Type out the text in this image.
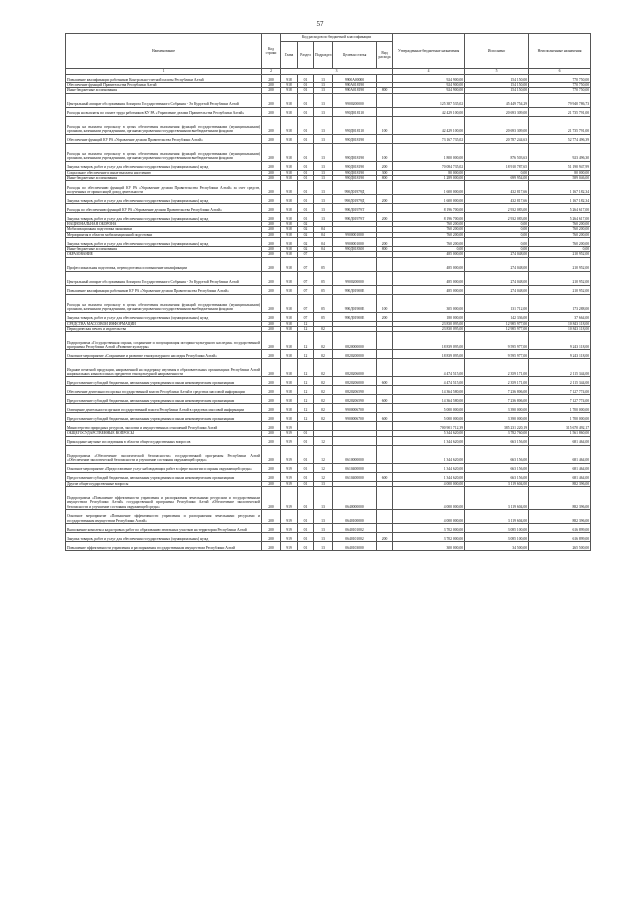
57
Наименование	Код строки	Код расходов по бюджетной классификации					Утвержденные бюджетные назначения	Исполнено	Неисполненные назначения
		Глава	Раздел	Подраздел	Целевая статья	Вид расхода			
1	2	3					4	5	6
Повышение квалификации работников Контрольно-счетной палаты Республики Алтай	200	918	01	13	9900A00000		924 900,00	154 150,00	770 750,00
Обеспечение функций Правительства Республики Алтай	200	918	01	13	990A018190		924 900,00	154 150,00	770 750,00
Иные бюджетные ассигнования	200	918	01	13	990A018190	800	924 900,00	154 150,00	770 750,00
Центральный аппарат обслуживания Аппарата Государственного Собрания - Эл Курултай Республики Алтай	200	918	01	13	9900200000		125 387 535,02	45 449 754,29	79 940 786,73
Расходы на выплаты по оплате труда работников КУ РА «Управление делами Правительства Республики Алтай»	200	918	01	13	990Д018110		42 429 100,00	20 693 309,00	21 735 791,00
Расходы на выплаты персоналу в целях обеспечения выполнения функций государственными (муниципальными) органами, казенными учреждениями, органами управления государственными внебюджетными фондами	200	918	01	13	990Д018110	100	42 429 100,00	20 693 309,00	21 735 791,00
Обеспечение функций КУ РА «Управление делами Правительства Республики Алтай»	200	918	01	13	990Д018190		73 167 735,02	20 787 244,63	52 774 496,39
Расходы на выплаты персоналу в целях обеспечения выполнения функций государственными (муниципальными) органами, казенными учреждениями, органами управления государственными внебюджетными фондами	200	918	01	13	990Д018190	100	1 800 000,00	876 503,63	923 496,30
Закупка товаров, работ и услуг для обеспечения государственных (муниципальных) нужд	200	918	01	13	990Д018190	200	70 084 735,02	18 910 787,65	51 190 947,99
Социальное обеспечение и иные выплаты населению	200	918	01	13	990Д018190	300	80 000,00	0,00	80 000,00
Иные бюджетные ассигнования	200	918	01	13	990Д018190	800	1 289 000,00	699 954,00	589 046,00
Расходы по обеспечению функций КУ РА «Управление делами Правительства Республики Алтай» за счет средств, полученных от приносящей доход деятельности	200	918	01	13	990Д01979Д		1 600 000,00	432 817,66	1 167 182,34
Закупка товаров, работ и услуг для обеспечения государственных (муниципальных) нужд	200	918	01	13	990Д01979Д	200	1 600 000,00	432 817,66	1 167 182,34
Расходы по обеспечению функций КУ РА «Управление делами Правительства Республики Алтай»	200	918	01	13	990Д01979Т		8 196 700,00	2 932 083,00	5 264 617,00
Закупка товаров, работ и услуг для обеспечения государственных (муниципальных) нужд	200	918	01	13	990Д01979Т	200	8 196 700,00	2 932 083,00	5 264 617,00
НАЦИОНАЛЬНАЯ ОБОРОНА	200	918	02				760 200,00	0,00	760 200,00
Мобилизационная подготовка экономики	200	918	02	04			760 200,00	0,00	760 200,00
Мероприятия в области мобилизационной подготовки	200	918	02	04	9900001000		760 200,00	0,00	760 200,00
Закупка товаров, работ и услуг для обеспечения государственных (муниципальных) нужд	200	918	02	04	9900001000	200	760 200,00	0,00	760 200,00
Иные бюджетные ассигнования	200	918	02	04	990Д018300	800	0,00	0,00	0,00
ОБРАЗОВАНИЕ	200	918	07				485 000,00	274 048,00	210 952,00
Профессиональная подготовка, переподготовка и повышение квалификации	200	918	07	05			485 000,00	274 048,00	210 952,00
Центральный аппарат обслуживания Аппарата Государственного Собрания - Эл Курултай Республики Алтай	200	918	07	05	9900200000		485 000,00	274 048,00	210 952,00
Повышение квалификации работников КУ РА «Управление делами Правительства Республики Алтай»	200	918	07	05	990Д01900Е		485 000,00	274 048,00	210 952,00
Расходы на выплаты персоналу в целях обеспечения выполнения функций государственными (муниципальными) органами, казенными учреждениями, органами управления государственными внебюджетными фондами	200	918	07	05	990Д01900Е	100	305 000,00	131 712,00	173 288,00
Закупка товаров, работ и услуг для обеспечения государственных (муниципальных) нужд	200	918	07	05	990Д01900Е	200	180 000,00	142 336,00	37 664,00
СРЕДСТВА МАССОВОЙ ИНФОРМАЦИИ	200	918	12				23 830 095,00	12 985 977,00	10 843 118,00
Периодическая печать и издательства	200	918	12	02			23 830 095,00	12 985 977,00	10 843 118,00
Подпрограмма «Государственная охрана, сохранение и популяризация историко-культурного наследия» государственной программы Республики Алтай «Развитие культуры»	200	918	12	02	0820000000		18 839 095,00	9 595 977,00	9 243 118,00
Основное мероприятие «Сохранение и развитие этнокультурного наследия Республики Алтай»	200	918	12	02	0820200000		18 839 095,00	9 595 977,00	9 243 118,00
Издание печатной продукции, направленной на поддержку изучения в образовательных организациях Республики Алтай национальных языков и иных предметов этнокультурной направленности	200	918	12	02	0820206000		4 474 515,00	2 359 171,00	2 115 344,00
Предоставление субсидий бюджетным, автономным учреждениям и иным некоммерческим организациям	200	918	12	02	0820206000	600	4 474 515,00	2 359 171,00	2 115 344,00
Обеспечение деятельности органа государственной власти Республики Алтай в средствах массовой информации	200	918	12	02	0820206590		14 364 580,00	7 236 806,00	7 127 774,00
Предоставление субсидий бюджетным, автономным учреждениям и иным некоммерческим организациям	200	918	12	02	0820206590	600	14 364 580,00	7 236 806,00	7 127 774,00
Освещение деятельности органов государственной власти Республики Алтай в средствах массовой информации	200	918	12	02	9900006700		5 000 000,00	3 390 000,00	1 700 000,00
Предоставление субсидий бюджетным, автономным учреждениям и иным некоммерческим организациям	200	918	12	02	9900006700	600	5 000 000,00	3 390 000,00	1 700 000,00
Министерство природных ресурсов, экологии и имущественных отношений Республики Алтай	200	919					700 901 712,39	385 231 220,19	315 670 492,17
ОБЩЕГОСУДАРСТВЕННЫЕ ВОПРОСЫ	200	919	01				5 344 620,00	3 782 760,00	1 561 860,00
Прикладные научные исследования в области общегосударственных вопросов	200	919	01	12			1 344 620,00	663 156,00	681 464,00
Подпрограмма «Обеспечение экологической безопасности» государственной программы Республики Алтай «Обеспечение экологической безопасности и улучшение состояния окружающей среды»	200	919	01	12	0610000000		1 344 620,00	663 156,00	681 464,00
Основное мероприятие «Предоставление услуг наблюдающих работ в сфере экологии и охраны окружающей среды»	200	919	01	12	0610400000		1 344 620,00	663 156,00	681 464,00
Предоставление субсидий бюджетным, автономным учреждениям и иным некоммерческим организациям	200	919	01	12	0610400000	600	1 344 620,00	663 156,00	681 464,00
Другие общегосударственные вопросы	200	919	01	13			4 000 000,00	3 119 604,00	882 396,00
Подпрограмма «Повышение эффективности управления и распоряжения земельными ресурсами и государственным имуществом Республики Алтай» государственной программы Республики Алтай «Обеспечение экологической безопасности и улучшение состояния окружающей среды»	200	919	01	13	0640000000		4 000 000,00	3 119 604,00	882 396,00
Основное мероприятие «Повышение эффективности управления и распоряжения земельными ресурсами и государственным имуществом Республики Алтай»	200	919	01	13	0640100000		4 000 000,00	3 119 604,00	882 396,00
Выполнение комплекса кадастровых работ по образованию земельных участков на территории Республики Алтай	200	919	01	13	0640101002		3 702 000,00	3 085 100,00	616 899,00
Закупка товаров, работ и услуг для обеспечения государственных (муниципальных) нужд	200	919	01	13	0640101002	200	3 702 000,00	3 085 100,00	616 899,00
Повышение эффективности управления и распоряжения государственным имуществом Республики Алтай	200	919	01	13	0640103000		300 000,00	34 500,00	265 500,00
